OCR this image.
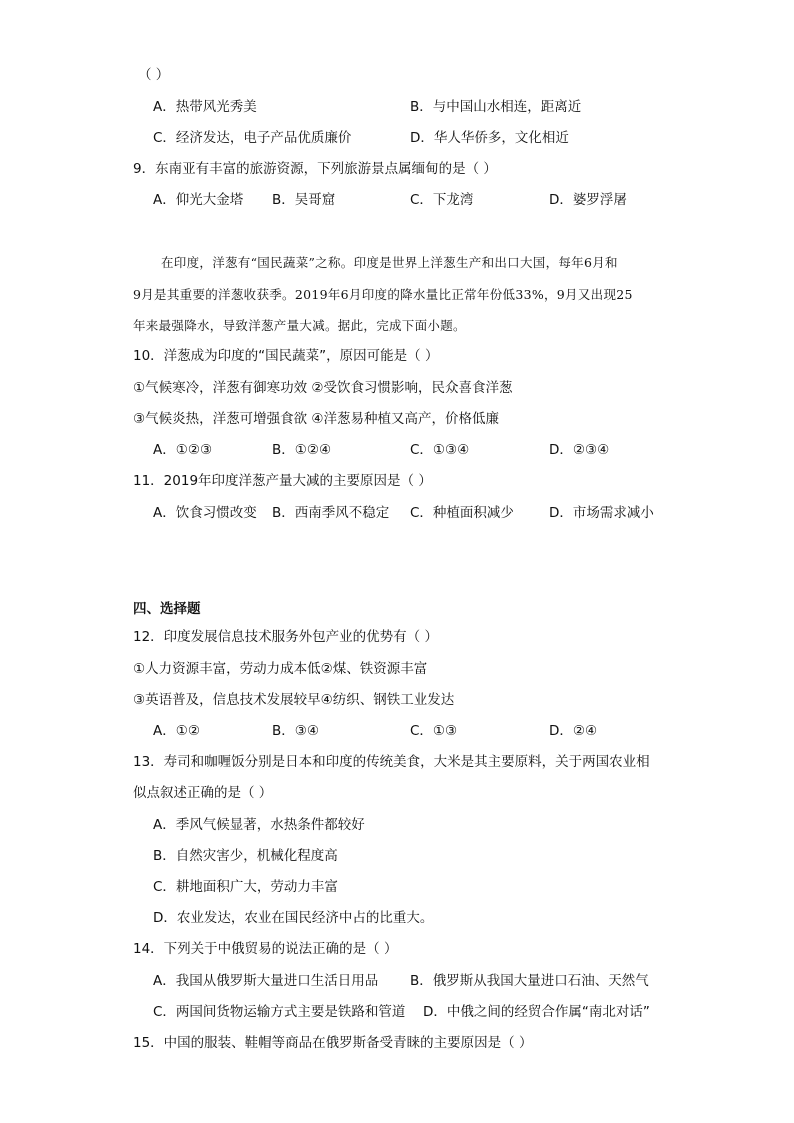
（ ）
A．热带风光秀美	B．与中国山水相连，距离近
C．经济发达，电子产品优质廉价	D．华人华侨多，文化相近
9．东南亚有丰富的旅游资源，下列旅游景点属缅甸的是（ ）
A．仰光大金塔 B．吴哥窟	C．下龙湾	D．婆罗浮屠
在印度，洋葱有“国民蔬菜”之称。印度是世界上洋葱生产和出口大国，每年6月和
9月是其重要的洋葱收获季。2019年6月印度的降水量比正常年份低33%，9月又出现25
年来最强降水，导致洋葱产量大减。据此，完成下面小题。
10．洋葱成为印度的“国民蔬菜”，原因可能是（ ）
①气候寒冷，洋葱有御寒功效 ②受饮食习惯影响，民众喜食洋葱
③气候炎热，洋葱可增强食欲 ④洋葱易种植又高产，价格低廉
A．①②③	B．①②④	C．①③④	D．②③④
11．2019年印度洋葱产量大减的主要原因是（ ）
A．饮食习惯改变 B．西南季风不稳定 C．种植面积减少	D．市场需求减小
四、选择题
12．印度发展信息技术服务外包产业的优势有（ ）
①人力资源丰富，劳动力成本低②煤、铁资源丰富
③英语普及，信息技术发展较早④纺织、钢铁工业发达
A．①②	B．③④	C．①③	D．②④
13．寿司和咖喱饭分别是日本和印度的传统美食，大米是其主要原料，关于两国农业相
似点叙述正确的是（ ）
A．季风气候显著，水热条件都较好
B．自然灾害少，机械化程度高
C．耕地面积广大，劳动力丰富
D．农业发达，农业在国民经济中占的比重大。
14．下列关于中俄贸易的说法正确的是（ ）
A．我国从俄罗斯大量进口生活日用品 B．俄罗斯从我国大量进口石油、天然气
C．两国间货物运输方式主要是铁路和管道 D．中俄之间的经贸合作属“南北对话”
15．中国的服装、鞋帽等商品在俄罗斯备受青睐的主要原因是（ ）
